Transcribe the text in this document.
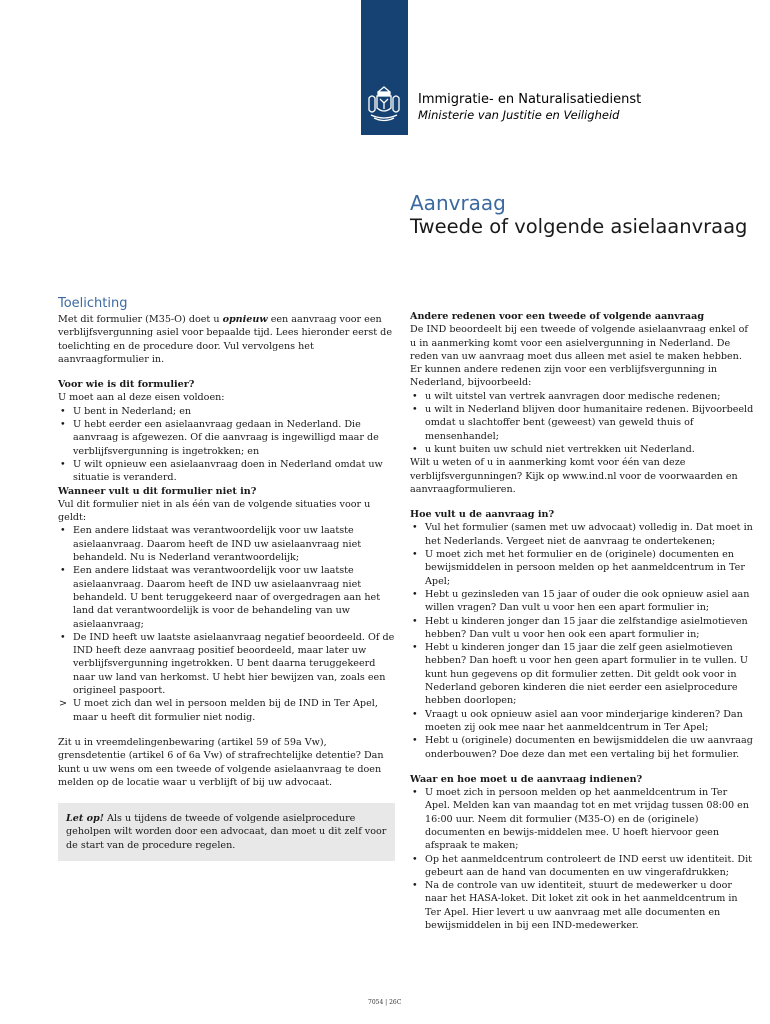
Immigratie- en Naturalisatiedienst
Ministerie van Justitie en Veiligheid
Aanvraag
Tweede of volgende asielaanvraag
Toelichting

Met dit formulier (M35-O) doet u opnieuw een aanvraag voor een verblijfsvergunning asiel voor bepaalde tijd. Lees hieronder eerst de toelichting en de procedure door. Vul vervolgens het aanvraagformulier in.

Voor wie is dit formulier?

U moet aan al deze eisen voldoen:

• U bent in Nederland; en
• U hebt eerder een asielaanvraag gedaan in Nederland. Die aanvraag is afgewezen. Of die aanvraag is ingewilligd maar de verblijfsvergunning is ingetrokken; en
• U wilt opnieuw een asielaanvraag doen in Nederland omdat uw situatie is veranderd.
Wanneer vult u dit formulier niet in?

Vul dit formulier niet in als één van de volgende situaties voor u geldt:

• Een andere lidstaat was verantwoordelijk voor uw laatste asielaanvraag. Daarom heeft de IND uw asielaanvraag niet behandeld. Nu is Nederland verantwoordelijk;
• Een andere lidstaat was verantwoordelijk voor uw laatste asielaanvraag. Daarom heeft de IND uw asielaanvraag niet behandeld. U bent teruggekeerd naar of overgedragen aan het land dat verantwoordelijk is voor de behandeling van uw asielaanvraag;
• De IND heeft uw laatste asielaanvraag negatief beoordeeld. Of de IND heeft deze aanvraag positief beoordeeld, maar later uw verblijfsvergunning ingetrokken. U bent daarna teruggekeerd naar uw land van herkomst. U hebt hier bewijzen van, zoals een origineel paspoort.
> U moet zich dan wel in persoon melden bij de IND in Ter Apel, maar u heeft dit formulier niet nodig.

Zit u in vreemdelingenbewaring (artikel 59 of 59a Vw), grensdetentie (artikel 6 of 6a Vw) of strafrechtelijke detentie? Dan kunt u uw wens om een tweede of volgende asielaanvraag te doen melden op de locatie waar u verblijft of bij uw advocaat.

Let op! Als u tijdens de tweede of volgende asielprocedure geholpen wilt worden door een advocaat, dan moet u dit zelf voor de start van de procedure regelen.
Andere redenen voor een tweede of volgende aanvraag

De IND beoordeelt bij een tweede of volgende asielaanvraag enkel of u in aanmerking komt voor een asielvergunning in Nederland. De reden van uw aanvraag moet dus alleen met asiel te maken hebben. Er kunnen andere redenen zijn voor een verblijfsvergunning in Nederland, bijvoorbeeld:

• u wilt uitstel van vertrek aanvragen door medische redenen;
• u wilt in Nederland blijven door humanitaire redenen. Bijvoorbeeld omdat u slachtoffer bent (geweest) van geweld thuis of mensenhandel;
• u kunt buiten uw schuld niet vertrekken uit Nederland.

Wilt u weten of u in aanmerking komt voor één van deze verblijfsvergunningen? Kijk op www.ind.nl voor de voorwaarden en aanvraagformulieren.

Hoe vult u de aanvraag in?
• Vul het formulier (samen met uw advocaat) volledig in. Dat moet in het Nederlands. Vergeet niet de aanvraag te ondertekenen;
• U moet zich met het formulier en de (originele) documenten en bewijsmiddelen in persoon melden op het aanmeldcentrum in Ter Apel;
• Hebt u gezinsleden van 15 jaar of ouder die ook opnieuw asiel aan willen vragen? Dan vult u voor hen een apart formulier in;
• Hebt u kinderen jonger dan 15 jaar die zelfstandige asielmotieven hebben? Dan vult u voor hen ook een apart formulier in;
• Hebt u kinderen jonger dan 15 jaar die zelf geen asielmotieven hebben? Dan hoeft u voor hen geen apart formulier in te vullen. U kunt hun gegevens op dit formulier zetten. Dit geldt ook voor in Nederland geboren kinderen die niet eerder een asielprocedure hebben doorlopen;
• Vraagt u ook opnieuw asiel aan voor minderjarige kinderen? Dan moeten zij ook mee naar het aanmeldcentrum in Ter Apel;
• Hebt u (originele) documenten en bewijsmiddelen die uw aanvraag onderbouwen? Doe deze dan met een vertaling bij het formulier.
Waar en hoe moet u de aanvraag indienen?
• U moet zich in persoon melden op het aanmeldcentrum in Ter Apel. Melden kan van maandag tot en met vrijdag tussen 08:00 en 16:00 uur. Neem dit formulier (M35-O) en de (originele) documenten en bewijs-middelen mee. U hoeft hiervoor geen afspraak te maken;
• Op het aanmeldcentrum controleert de IND eerst uw identiteit. Dit gebeurt aan de hand van documenten en uw vingerafdrukken;
• Na de controle van uw identiteit, stuurt de medewerker u door naar het HASA-loket. Dit loket zit ook in het aanmeldcentrum in Ter Apel. Hier levert u uw aanvraag met alle documenten en bewijsmiddelen in bij een IND-medewerker.
7054 | 26C
